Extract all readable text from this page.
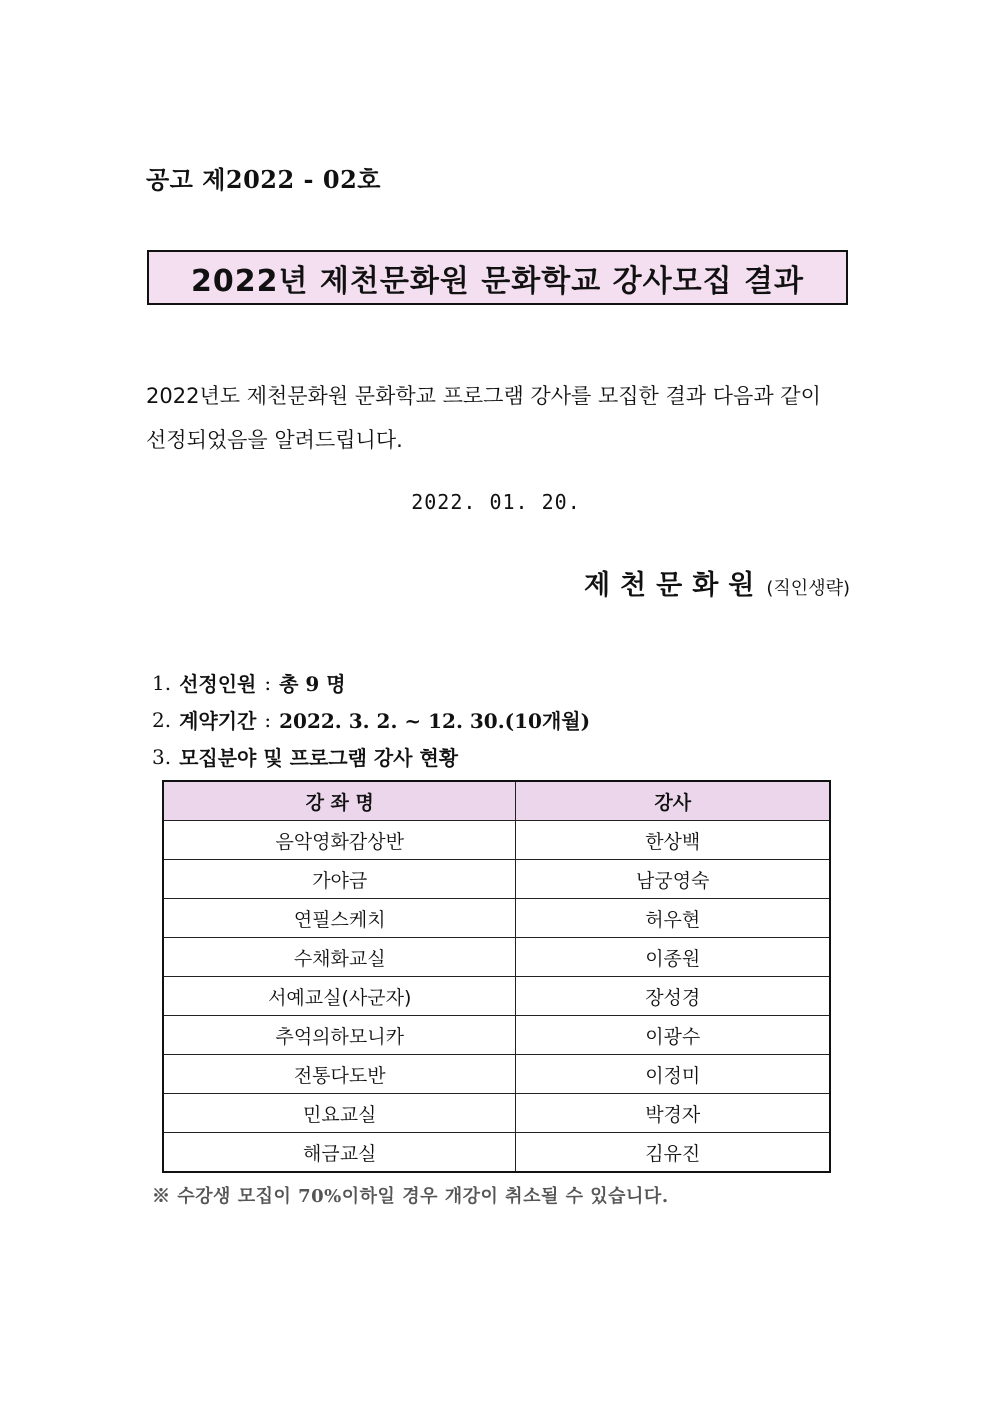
공고 제2022 - 02호
2022년 제천문화원 문화학교 강사모집 결과
2022년도 제천문화원 문화학교 프로그램 강사를 모집한 결과 다음과 같이
선정되었음을 알려드립니다.
2022. 01. 20.
제천문화원 (직인생략)
1. 선정인원 : 총 9 명
2. 계약기간 : 2022. 3. 2. ~ 12. 30.(10개월)
3. 모집분야 및 프로그램 강사 현황
강 좌 명	강사
음악영화감상반	한상백
가야금	남궁영숙
연필스케치	허우현
수채화교실	이종원
서예교실(사군자)	장성경
추억의하모니카	이광수
전통다도반	이정미
민요교실	박경자
해금교실	김유진
※ 수강생 모집이 70%이하일 경우 개강이 취소될 수 있습니다.
